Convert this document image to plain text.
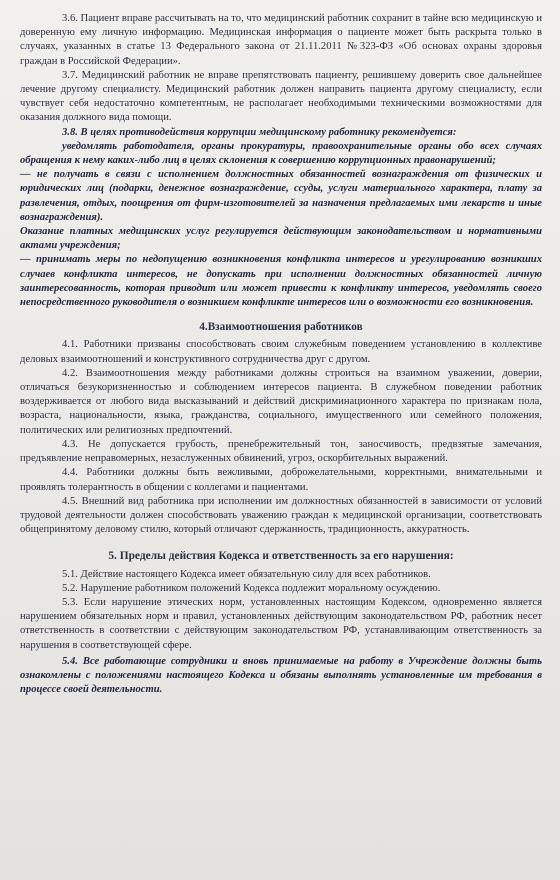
3.6. Пациент вправе рассчитывать на то, что медицинский работник сохранит в тайне всю медицинскую и доверенную ему личную информацию. Медицинская информация о пациенте может быть раскрыта только в случаях, указанных в статье 13 Федерального закона от 21.11.2011 №323-ФЗ «Об основах охраны здоровья граждан в Российской Федерации».

3.7. Медицинский работник не вправе препятствовать пациенту, решившему доверить свое дальнейшее лечение другому специалисту. Медицинский работник должен направить пациента другому специалисту, если чувствует себя недостаточно компетентным, не располагает необходимыми техническими возможностями для оказания должного вида помощи.

3.8. В целях противодействия коррупции медицинскому работнику рекомендуется:

уведомлять работодателя, органы прокуратуры, правоохранительные органы обо всех случаях обращения к нему каких-либо лиц в целях склонения к совершению коррупционных правонарушений;

— не получать в связи с исполнением должностных обязанностей вознаграждения от физических и юридических лиц (подарки, денежное вознаграждение, ссуды, услуги материального характера, плату за развлечения, отдых, поощрения от фирм-изготовителей за назначения предлагаемых ими лекарств и иные вознаграждения).

Оказание платных медицинских услуг регулируется действующим законодательством и нормативными актами учреждения;

— принимать меры по недопущению возникновения конфликта интересов и урегулированию возникших случаев конфликта интересов, не допускать при исполнении должностных обязанностей личную заинтересованность, которая приводит или может привести к конфликту интересов, уведомлять своего непосредственного руководителя о возникшем конфликте интересов или о возможности его возникновения.

4.Взаимоотношения работников

4.1. Работники призваны способствовать своим служебным поведением установлению в коллективе деловых взаимоотношений и конструктивного сотрудничества друг с другом.

4.2. Взаимоотношения между работниками должны строиться на взаимном уважении, доверии, отличаться безукоризненностью и соблюдением интересов пациента. В служебном поведении работник воздерживается от любого вида высказываний и действий дискриминационного характера по признакам пола, возраста, национальности, языка, гражданства, социального, имущественного или семейного положения, политических или религиозных предпочтений.

4.3. Не допускается грубость, пренебрежительный тон, заносчивость, предвзятые замечания, предъявление неправомерных, незаслуженных обвинений, угроз, оскорбительных выражений.

4.4. Работники должны быть вежливыми, доброжелательными, корректными, внимательными и проявлять толерантность в общении с коллегами и пациентами.

4.5. Внешний вид работника при исполнении им должностных обязанностей в зависимости от условий трудовой деятельности должен способствовать уважению граждан к медицинской организации, соответствовать общепринятому деловому стилю, который отличают сдержанность, традиционность, аккуратность.

5. Пределы действия Кодекса и ответственность за его нарушения:

5.1. Действие настоящего Кодекса имеет обязательную силу для всех работников.

5.2. Нарушение работником положений Кодекса подлежит моральному осуждению.

5.3. Если нарушение этических норм, установленных настоящим Кодексом, одновременно является нарушением обязательных норм и правил, установленных действующим законодательством РФ, работник несет ответственность в соответствии с действующим законодательством РФ, устанавливающим ответственность за нарушения в соответствующей сфере.

5.4. Все работающие сотрудники и вновь принимаемые на работу в Учреждение должны быть ознакомлены с положениями настоящего Кодекса и обязаны выполнять установленные им требования в процессе своей деятельности.
